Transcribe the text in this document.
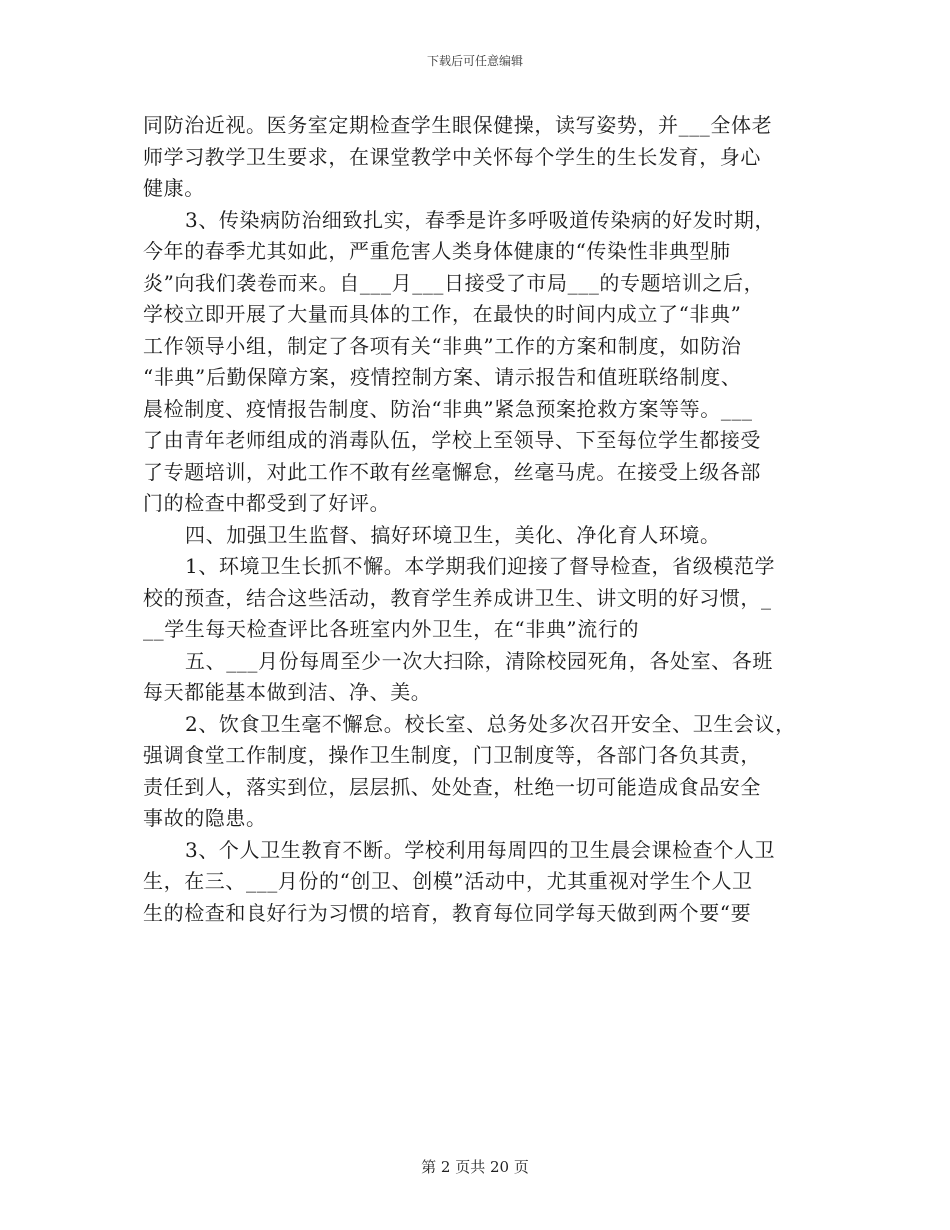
下载后可任意编辑
同防治近视。医务室定期检查学生眼保健操，读写姿势，并___全体老
师学习教学卫生要求，在课堂教学中关怀每个学生的生长发育，身心
健康。
3、传染病防治细致扎实，春季是许多呼吸道传染病的好发时期，
今年的春季尤其如此，严重危害人类身体健康的“传染性非典型肺
炎”向我们袭卷而来。自___月___日接受了市局___的专题培训之后，
学校立即开展了大量而具体的工作，在最快的时间内成立了“非典”
工作领导小组，制定了各项有关“非典”工作的方案和制度，如防治
“非典”后勤保障方案，疫情控制方案、请示报告和值班联络制度、
晨检制度、疫情报告制度、防治“非典”紧急预案抢救方案等等。___
了由青年老师组成的消毒队伍，学校上至领导、下至每位学生都接受
了专题培训，对此工作不敢有丝毫懈怠，丝毫马虎。在接受上级各部
门的检查中都受到了好评。
四、加强卫生监督、搞好环境卫生，美化、净化育人环境。
1、环境卫生长抓不懈。本学期我们迎接了督导检查，省级模范学
校的预查，结合这些活动，教育学生养成讲卫生、讲文明的好习惯，_
__学生每天检查评比各班室内外卫生，在“非典”流行的
五、___月份每周至少一次大扫除，清除校园死角，各处室、各班
每天都能基本做到洁、净、美。
2、饮食卫生毫不懈怠。校长室、总务处多次召开安全、卫生会议，
强调食堂工作制度，操作卫生制度，门卫制度等，各部门各负其责，
责任到人，落实到位，层层抓、处处查，杜绝一切可能造成食品安全
事故的隐患。
3、个人卫生教育不断。学校利用每周四的卫生晨会课检查个人卫
生，在三、___月份的“创卫、创模”活动中，尤其重视对学生个人卫
生的检查和良好行为习惯的培育，教育每位同学每天做到两个要“要
第 2 页共 20 页
